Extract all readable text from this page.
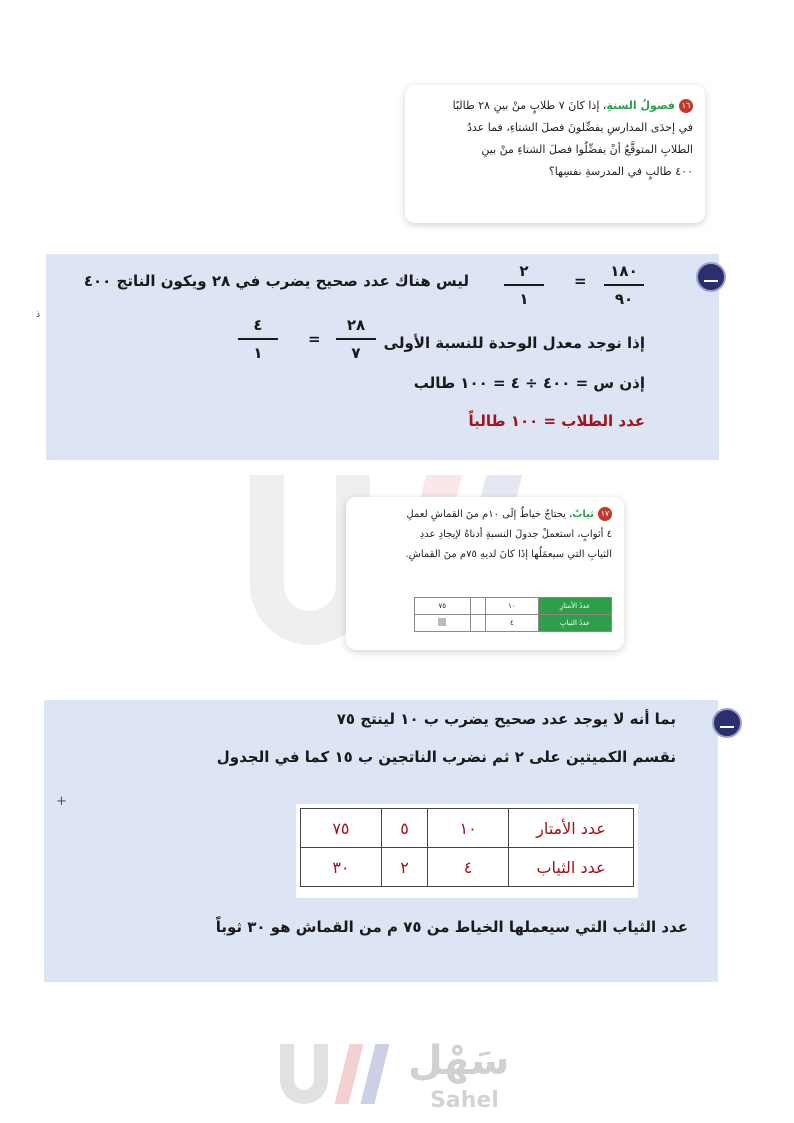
١٦فصولُ السنةِ، إذا كانَ ٧ طلابٍ منْ بينِ ٢٨ طالبًا
في إحدَى المدارسِ يفضِّلونَ فصلَ الشتاءِ، فما عددُ
الطلابِ المتوقَّعُ أنْ يفضِّلُوا فصلَ الشتاءِ منْ بينِ
٤٠٠ طالبٍ في المدرسةِ نفسِها؟
ليس هناك عدد صحيح يضرب في ٢٨ ويكون الناتج ٤٠٠
١٨٠
٩٠
=
٢
١
إذا نوجد معدل الوحدة للنسبة الأولى
٢٨
٧
=
٤
١
إذن س = ٤٠٠ ÷ ٤ = ١٠٠ طالب
عدد الطلاب = ١٠٠ طالباً
ذ
١٧ثيابٌ، يحتاجُ خياطٌ إلَى ١٠م منَ القماشِ لعملِ
٤ أثوابٍ، استعملْ جدولَ النسبةِ أدناهُ لإيجادِ عددِ
الثيابِ التي سيعمَلُها إذَا كانَ لديهِ ٧٥م منَ القماشِ.
عددُ الأمتارِ	١٠		٧٥
عددُ الثيابِ	٤		
بما أنه لا يوجد عدد صحيح يضرب ب ١٠ لينتج ٧٥
نقسم الكميتين على ٢ ثم نضرب الناتجين ب ١٥ كما في الجدول
عدد الأمتار	١٠	٥	٧٥
عدد الثياب	٤	٢	٣٠
عدد الثياب التي سيعملها الخياط من ٧٥ م من القماش هو ٣٠ ثوباً
+
سَهْل
Sahel
